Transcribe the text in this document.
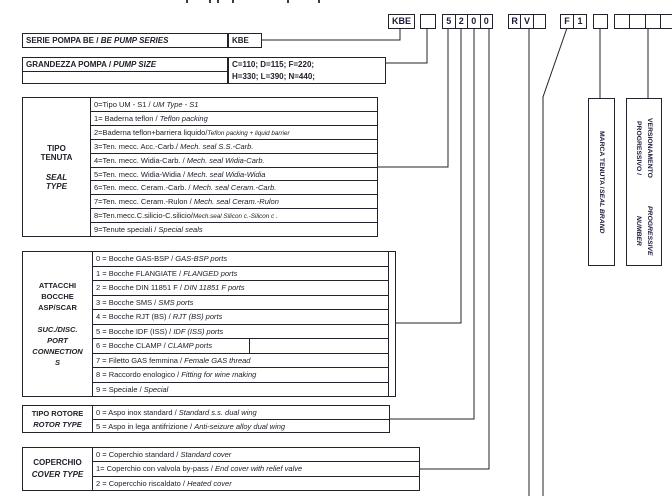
KBE	5 2 0 0	R V	F 1
SERIE POMPA BE / BE PUMP SERIES	KBE
GRANDEZZA POMPA / PUMP SIZE	C=110; D=115; F=220;
H=330; L=390; N=440;
TIPO
TENUTA
SEAL
TYPE
0=Tipo UM - S1 / UM Type - S1
1= Baderna teflon / Teflon packing
2=Baderna teflon+barriera liquido/Teflon packing + liquid barrier
3=Ten. mecc. Acc.-Carb./ Mech. seal S.S.-Carb.
4=Ten. mecc. Widia-Carb. / Mech. seal Widia-Carb.
5=Ten. mecc. Widia-Widia / Mech. seal Widia-Widia
6=Ten. mecc. Ceram.-Carb. / Mech. seal Ceram.-Carb.
7=Ten. mecc. Ceram.-Rulon / Mech. seal Ceram.-Rulon
8=Ten.mecc.C.silicio-C.silicio/Mech.seal Silicon c.-Silicon c .
9=Tenute speciali / Special seals
ATTACCHI
BOCCHE
ASP/SCAR
SUC./DISC.
PORT
CONNECTION
S
0 = Bocche GAS-BSP / GAS-BSP ports
1 = Bocche FLANGIATE / FLANGED ports
2 = Bocche DIN 11851 F / DIN 11851 F ports
3 = Bocche SMS / SMS ports
4 = Bocche RJT (BS) / RJT (BS) ports
5 = Bocche IDF (ISS) / IDF (ISS) ports
6 = Bocche CLAMP / CLAMP ports
7 = Filetto GAS femmina / Female GAS thread
8 = Raccordo enologico / Fitting for wine making
9 = Speciale / Special
TIPO ROTORE
ROTOR TYPE
0 = Aspo inox standard / Standard s.s. dual wing
5 = Aspo in lega antifrizione / Anti-seizure alloy dual wing
COPERCHIO
COVER TYPE
0 = Coperchio standard / Standard cover
1= Coperchio con valvola by-pass / End cover with relief valve
2 = Copercchio riscaldato / Heated cover
MARCA TENUTA /
SEAL BRAND
VERSIONAMENTO PROGRESSIVO /
PROGRESSIVE NUMBER
